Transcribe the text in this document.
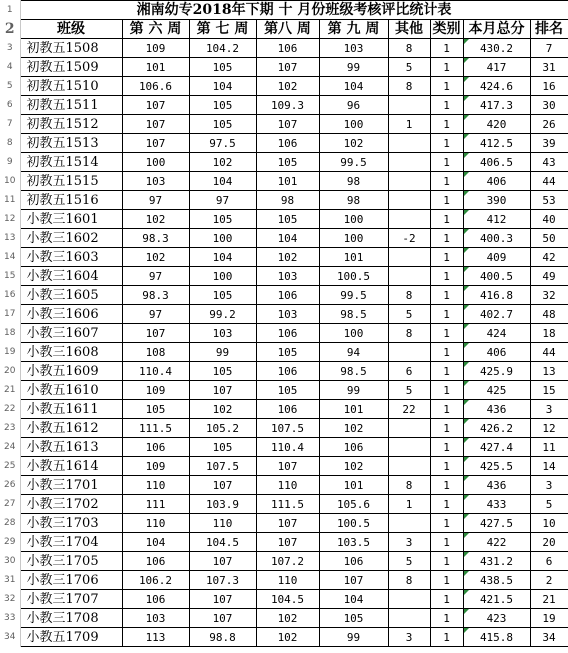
1	湘南幼专2018年下期 十 月份班级考核评比统计表								
2	班级	第 六 周	第 七 周	第八 周	第 九 周	其他	类别	本月总分	排名
3	初教五1508	109	104.2	106	103	8	1	430.2	7
4	初教五1509	101	105	107	99	5	1	417	31
5	初教五1510	106.6	104	102	104	8	1	424.6	16
6	初教五1511	107	105	109.3	96		1	417.3	30
7	初教五1512	107	105	107	100	1	1	420	26
8	初教五1513	107	97.5	106	102		1	412.5	39
9	初教五1514	100	102	105	99.5		1	406.5	43
10	初教五1515	103	104	101	98		1	406	44
11	初教五1516	97	97	98	98		1	390	53
12	小教三1601	102	105	105	100		1	412	40
13	小教三1602	98.3	100	104	100	-2	1	400.3	50
14	小教三1603	102	104	102	101		1	409	42
15	小教三1604	97	100	103	100.5		1	400.5	49
16	小教三1605	98.3	105	106	99.5	8	1	416.8	32
17	小教三1606	97	99.2	103	98.5	5	1	402.7	48
18	小教三1607	107	103	106	100	8	1	424	18
19	小教三1608	108	99	105	94		1	406	44
20	小教五1609	110.4	105	106	98.5	6	1	425.9	13
21	小教五1610	109	107	105	99	5	1	425	15
22	小教五1611	105	102	106	101	22	1	436	3
23	小教五1612	111.5	105.2	107.5	102		1	426.2	12
24	小教五1613	106	105	110.4	106		1	427.4	11
25	小教五1614	109	107.5	107	102		1	425.5	14
26	小教三1701	110	107	110	101	8	1	436	3
27	小教三1702	111	103.9	111.5	105.6	1	1	433	5
28	小教三1703	110	110	107	100.5		1	427.5	10
29	小教三1704	104	104.5	107	103.5	3	1	422	20
30	小教三1705	106	107	107.2	106	5	1	431.2	6
31	小教三1706	106.2	107.3	110	107	8	1	438.5	2
32	小教三1707	106	107	104.5	104		1	421.5	21
33	小教三1708	103	107	102	105		1	423	19
34	小教五1709	113	98.8	102	99	3	1	415.8	34
